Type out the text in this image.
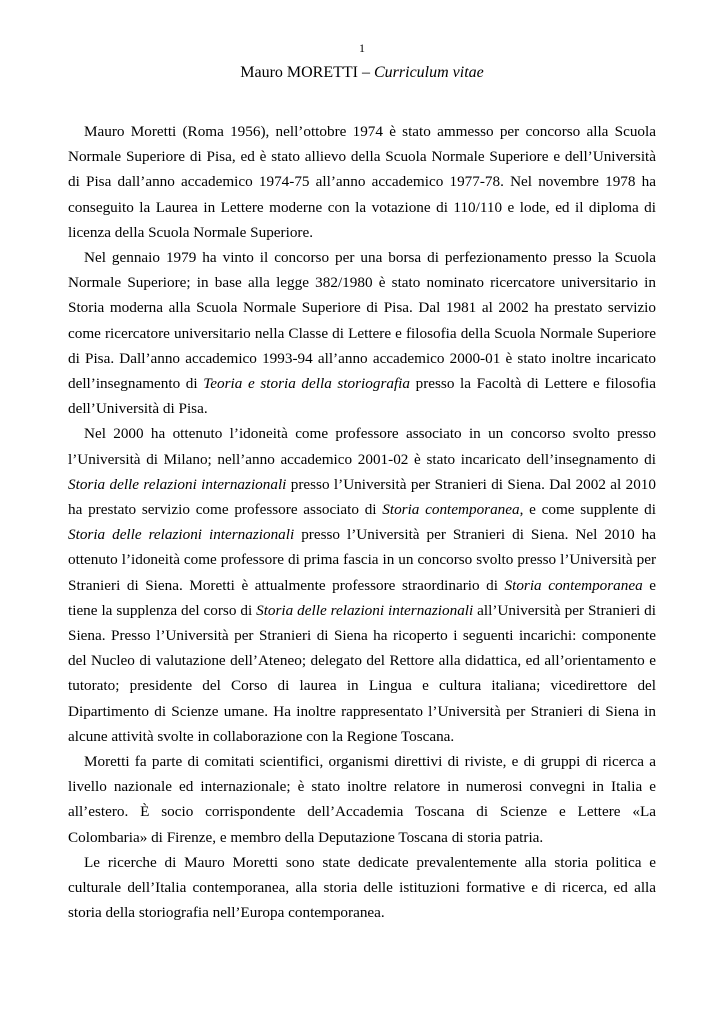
1
Mauro MORETTI – Curriculum vitae

Mauro Moretti (Roma 1956), nell’ottobre 1974 è stato ammesso per concorso alla Scuola Normale Superiore di Pisa, ed è stato allievo della Scuola Normale Superiore e dell’Università di Pisa dall’anno accademico 1974-75 all’anno accademico 1977-78. Nel novembre 1978 ha conseguito la Laurea in Lettere moderne con la votazione di 110/110 e lode, ed il diploma di licenza della Scuola Normale Superiore.

Nel gennaio 1979 ha vinto il concorso per una borsa di perfezionamento presso la Scuola Normale Superiore; in base alla legge 382/1980 è stato nominato ricercatore universitario in Storia moderna alla Scuola Normale Superiore di Pisa. Dal 1981 al 2002 ha prestato servizio come ricercatore universitario nella Classe di Lettere e filosofia della Scuola Normale Superiore di Pisa. Dall’anno accademico 1993-94 all’anno accademico 2000-01 è stato inoltre incaricato dell’insegnamento di Teoria e storia della storiografia presso la Facoltà di Lettere e filosofia dell’Università di Pisa.

Nel 2000 ha ottenuto l’idoneità come professore associato in un concorso svolto presso l’Università di Milano; nell’anno accademico 2001-02 è stato incaricato dell’insegnamento di Storia delle relazioni internazionali presso l’Università per Stranieri di Siena. Dal 2002 al 2010 ha prestato servizio come professore associato di Storia contemporanea, e come supplente di Storia delle relazioni internazionali presso l’Università per Stranieri di Siena. Nel 2010 ha ottenuto l’idoneità come professore di prima fascia in un concorso svolto presso l’Università per Stranieri di Siena. Moretti è attualmente professore straordinario di Storia contemporanea e tiene la supplenza del corso di Storia delle relazioni internazionali all’Università per Stranieri di Siena. Presso l’Università per Stranieri di Siena ha ricoperto i seguenti incarichi: componente del Nucleo di valutazione dell’Ateneo; delegato del Rettore alla didattica, ed all’orientamento e tutorato; presidente del Corso di laurea in Lingua e cultura italiana; vicedirettore del Dipartimento di Scienze umane. Ha inoltre rappresentato l’Università per Stranieri di Siena in alcune attività svolte in collaborazione con la Regione Toscana.

Moretti fa parte di comitati scientifici, organismi direttivi di riviste, e di gruppi di ricerca a livello nazionale ed internazionale; è stato inoltre relatore in numerosi convegni in Italia e all’estero. È socio corrispondente dell’Accademia Toscana di Scienze e Lettere «La Colombaria» di Firenze, e membro della Deputazione Toscana di storia patria.

Le ricerche di Mauro Moretti sono state dedicate prevalentemente alla storia politica e culturale dell’Italia contemporanea, alla storia delle istituzioni formative e di ricerca, ed alla storia della storiografia nell’Europa contemporanea.
